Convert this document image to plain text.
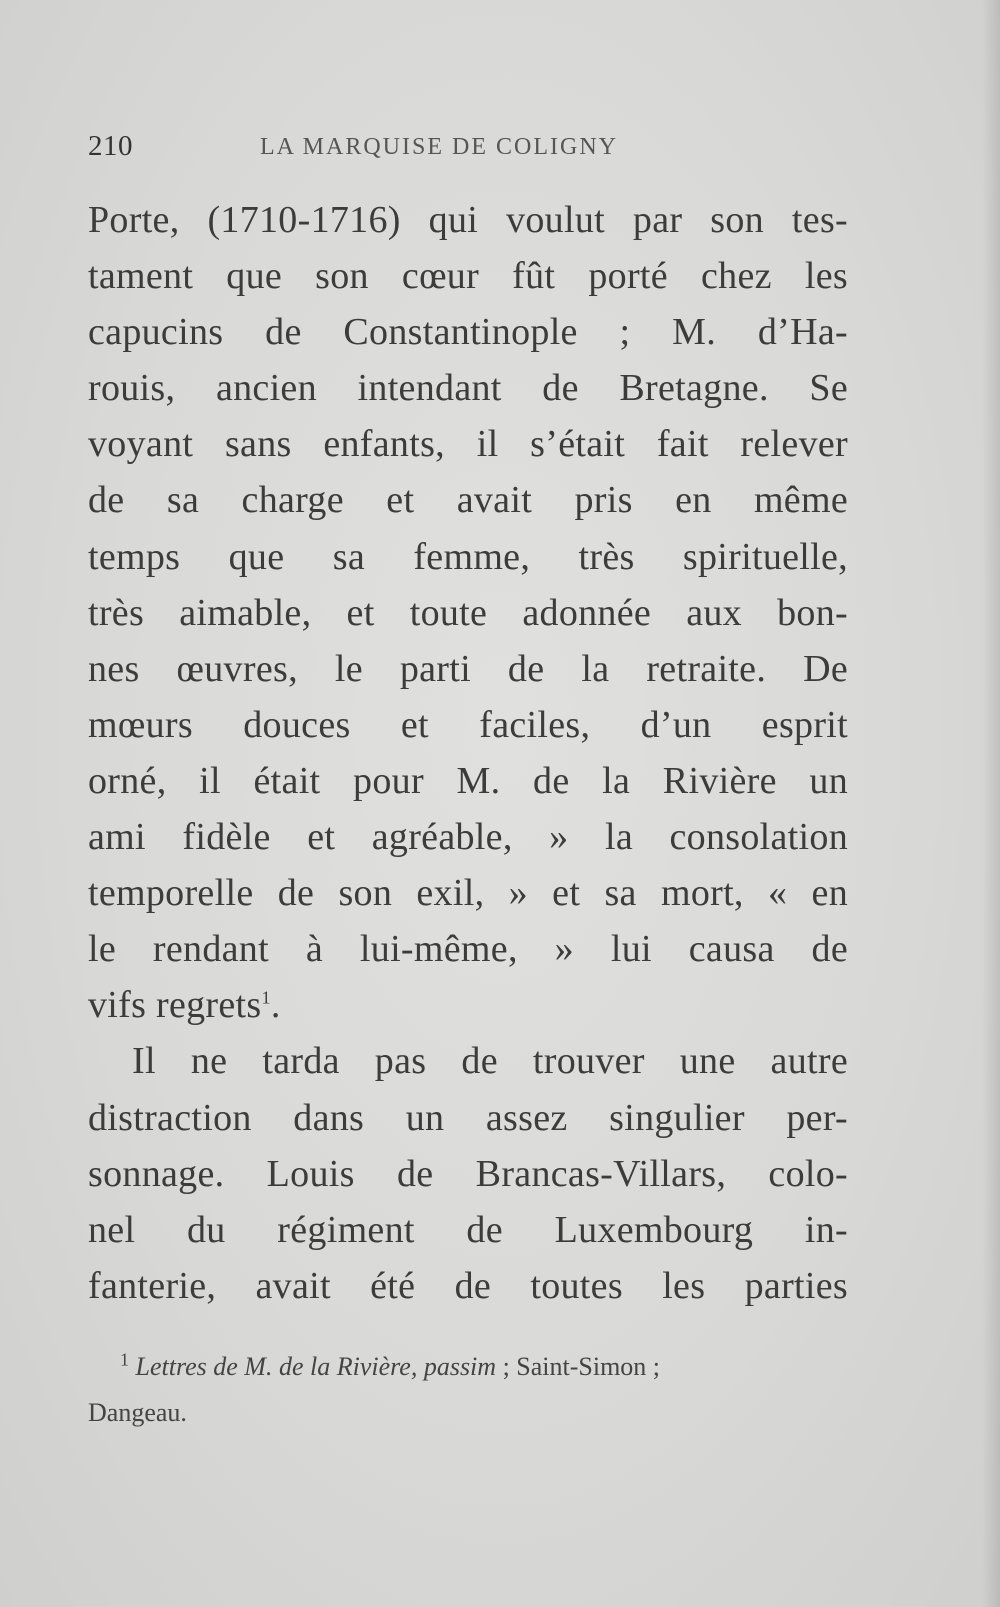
210	LA MARQUISE DE COLIGNY
Porte, (1710-1716) qui voulut par son tes-
tament que son cœur fût porté chez les
capucins de Constantinople ; M. d’Ha-
rouis, ancien intendant de Bretagne. Se
voyant sans enfants, il s’était fait relever
de sa charge et avait pris en même
temps que sa femme, très spirituelle,
très aimable, et toute adonnée aux bon-
nes œuvres, le parti de la retraite. De
mœurs douces et faciles, d’un esprit
orné, il était pour M. de la Rivière un
ami fidèle et agréable, » la consolation
temporelle de son exil, » et sa mort, « en
le rendant à lui-même, » lui causa de
vifs regrets$^1$.
Il ne tarda pas de trouver une autre
distraction dans un assez singulier per-
sonnage. Louis de Brancas-Villars, colo-
nel du régiment de Luxembourg in-
fanterie, avait été de toutes les parties
$^1$ Lettres de M. de la Rivière, passim ; Saint-Simon ;
Dangeau.
